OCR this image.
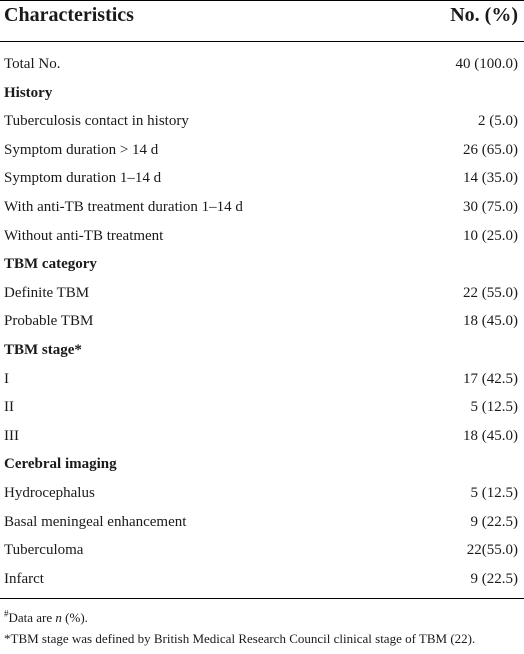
Characteristics	No. (%)
Total No.	40 (100.0)
History
Tuberculosis contact in history	2 (5.0)
Symptom duration > 14 d	26 (65.0)
Symptom duration 1–14 d	14 (35.0)
With anti-TB treatment duration 1–14 d	30 (75.0)
Without anti-TB treatment	10 (25.0)
TBM category
Definite TBM	22 (55.0)
Probable TBM	18 (45.0)
TBM stage*
I	17 (42.5)
II	5 (12.5)
III	18 (45.0)
Cerebral imaging
Hydrocephalus	5 (12.5)
Basal meningeal enhancement	9 (22.5)
Tuberculoma	22(55.0)
Infarct	9 (22.5)
#Data are n (%).
*TBM stage was defined by British Medical Research Council clinical stage of TBM (22).
